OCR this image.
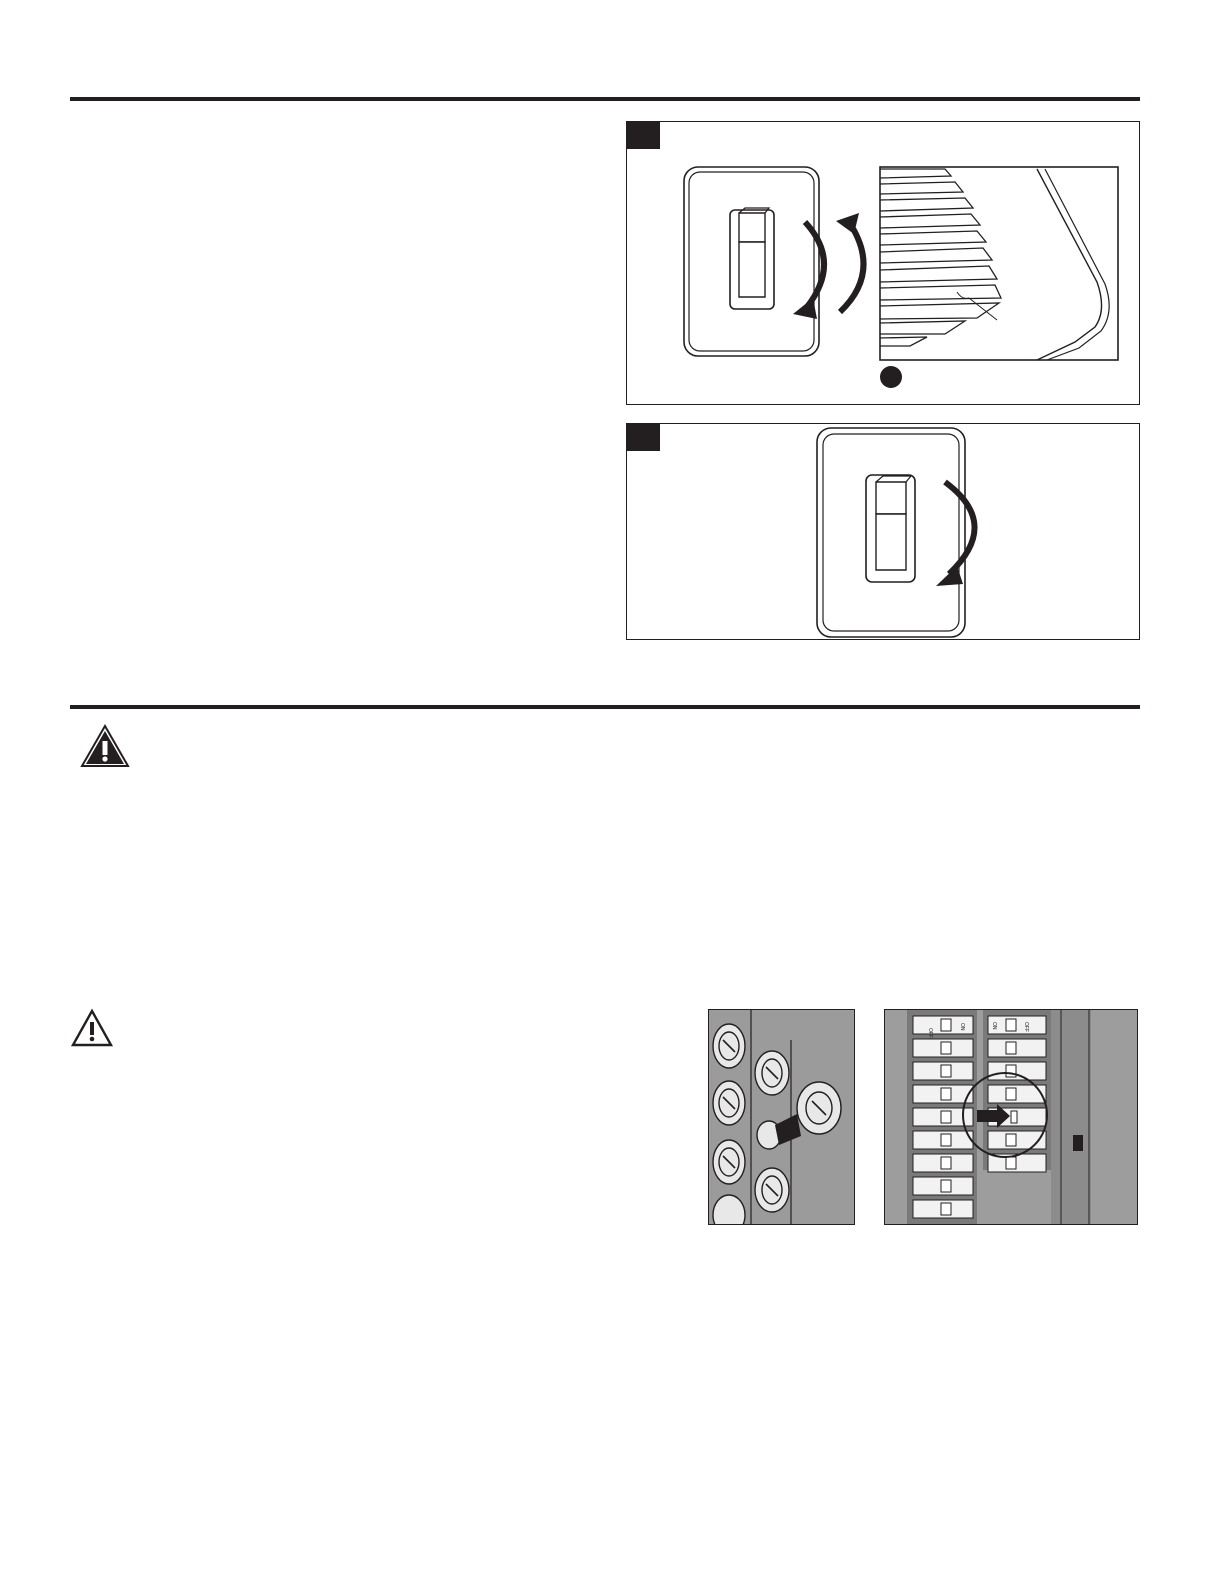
OFF
ON	ON	OFF
